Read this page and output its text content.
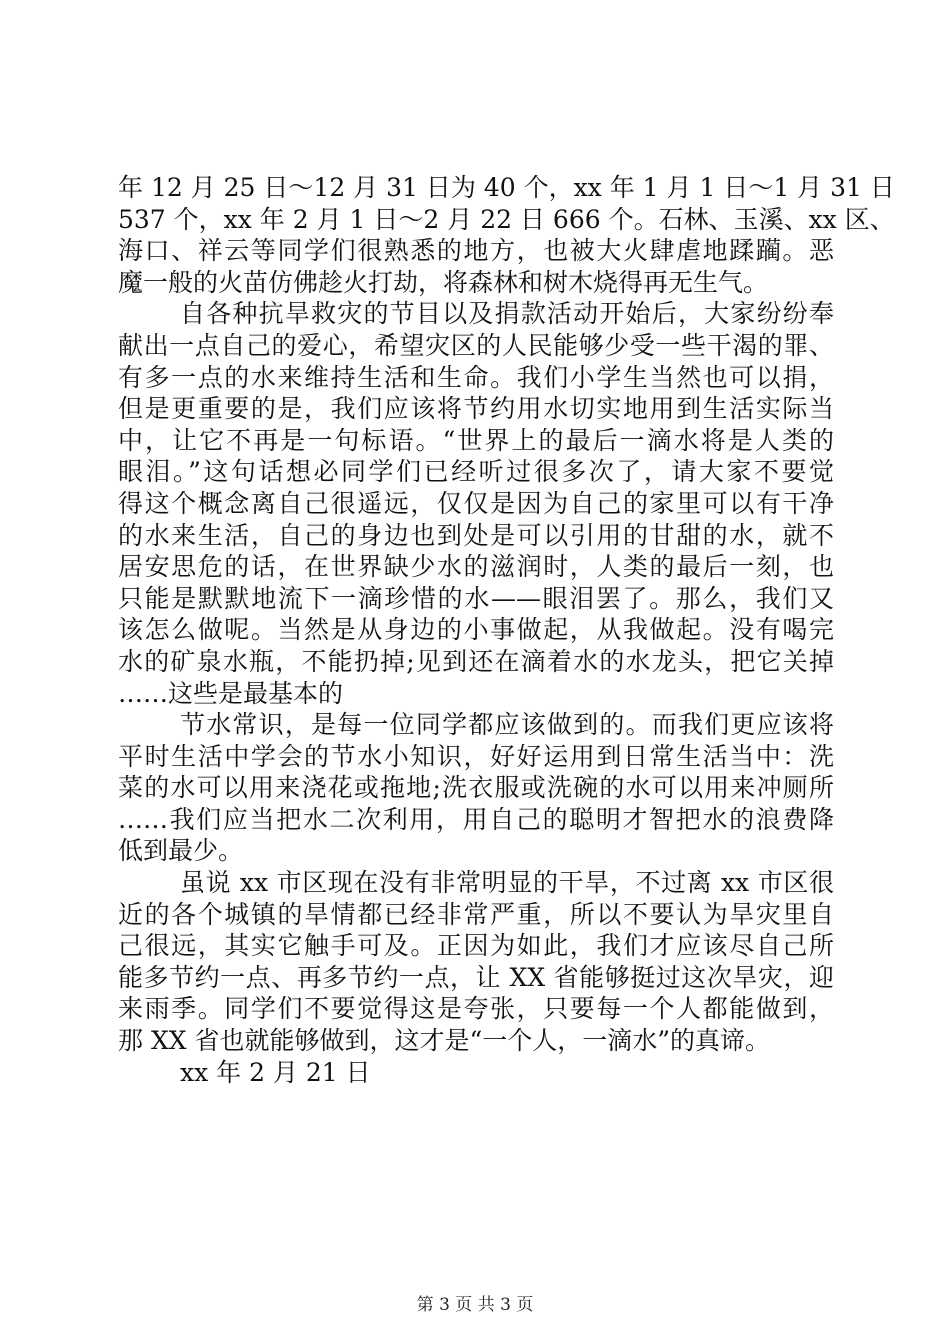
年 12 月 25 日～12 月 31 日为 40 个，xx 年 1 月 1 日～1 月 31 日
537 个，xx 年 2 月 1 日～2 月 22 日 666 个。石林、玉溪、xx 区、
海口、祥云等同学们很熟悉的地方，也被大火肆虐地蹂躏。恶
魔一般的火苗仿佛趁火打劫，将森林和树木烧得再无生气。
自各种抗旱救灾的节目以及捐款活动开始后，大家纷纷奉
献出一点自己的爱心，希望灾区的人民能够少受一些干渴的罪、
有多一点的水来维持生活和生命。我们小学生当然也可以捐，
但是更重要的是，我们应该将节约用水切实地用到生活实际当
中，让它不再是一句标语。“世界上的最后一滴水将是人类的
眼泪。”这句话想必同学们已经听过很多次了，请大家不要觉
得这个概念离自己很遥远，仅仅是因为自己的家里可以有干净
的水来生活，自己的身边也到处是可以引用的甘甜的水，就不
居安思危的话，在世界缺少水的滋润时，人类的最后一刻，也
只能是默默地流下一滴珍惜的水——眼泪罢了。那么，我们又
该怎么做呢。当然是从身边的小事做起，从我做起。没有喝完
水的矿泉水瓶，不能扔掉;见到还在滴着水的水龙头，把它关掉
……这些是最基本的
节水常识，是每一位同学都应该做到的。而我们更应该将
平时生活中学会的节水小知识，好好运用到日常生活当中：洗
菜的水可以用来浇花或拖地;洗衣服或洗碗的水可以用来冲厕所
……我们应当把水二次利用，用自己的聪明才智把水的浪费降
低到最少。
虽说 xx 市区现在没有非常明显的干旱，不过离 xx 市区很
近的各个城镇的旱情都已经非常严重，所以不要认为旱灾里自
己很远，其实它触手可及。正因为如此，我们才应该尽自己所
能多节约一点、再多节约一点，让 XX 省能够挺过这次旱灾，迎
来雨季。同学们不要觉得这是夸张，只要每一个人都能做到，
那 XX 省也就能够做到，这才是“一个人，一滴水”的真谛。
xx 年 2 月 21 日
第 3 页 共 3 页
